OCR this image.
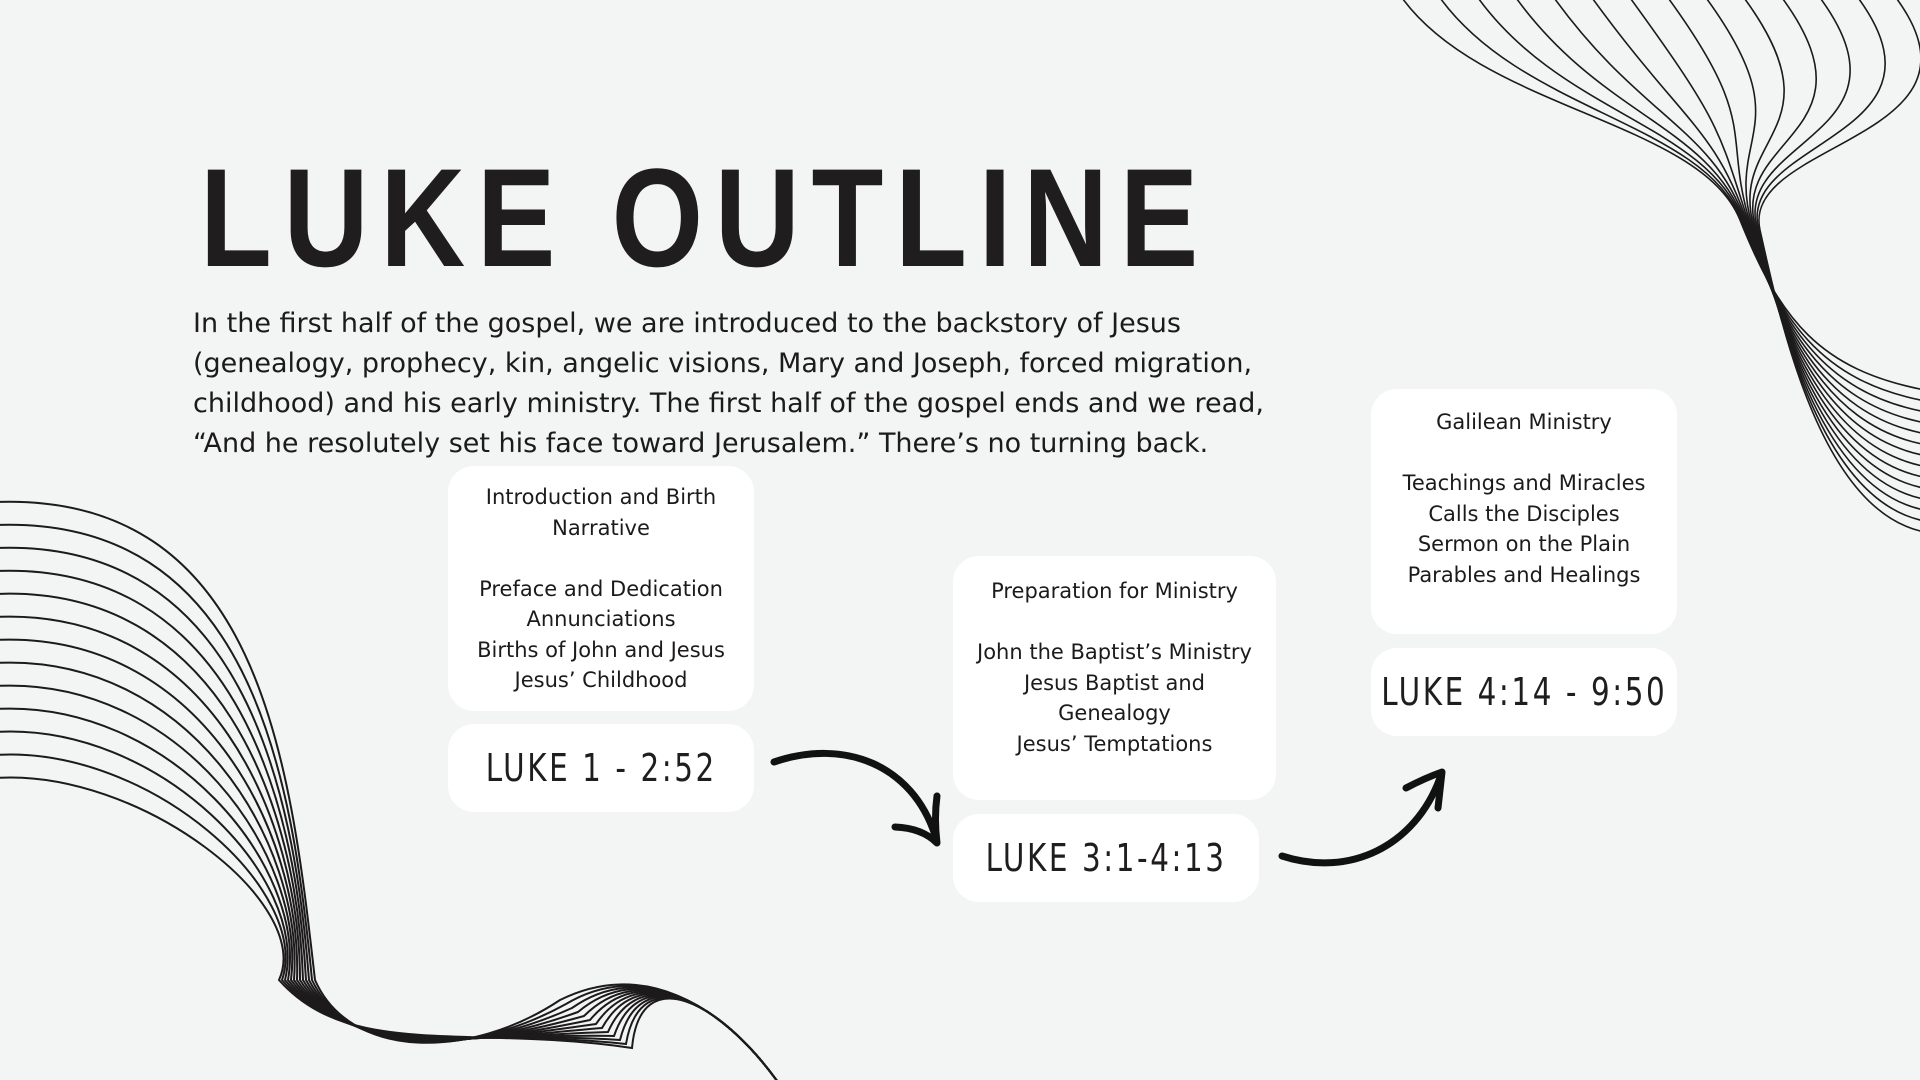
LUKE OUTLINE

In the first half of the gospel, we are introduced to the backstory of Jesus
(genealogy, prophecy, kin, angelic visions, Mary and Joseph, forced migration,
childhood) and his early ministry. The first half of the gospel ends and we read,
“And he resolutely set his face toward Jerusalem.” There’s no turning back.

Introduction and Birth
Narrative
Preface and Dedication
Annunciations
Births of John and Jesus
Jesus’ Childhood
LUKE 1 - 2:52
Preparation for Ministry
John the Baptist’s Ministry
Jesus Baptist and
Genealogy
Jesus’ Temptations
LUKE 3:1-4:13
Galilean Ministry
Teachings and Miracles
Calls the Disciples
Sermon on the Plain
Parables and Healings
LUKE 4:14 - 9:50
